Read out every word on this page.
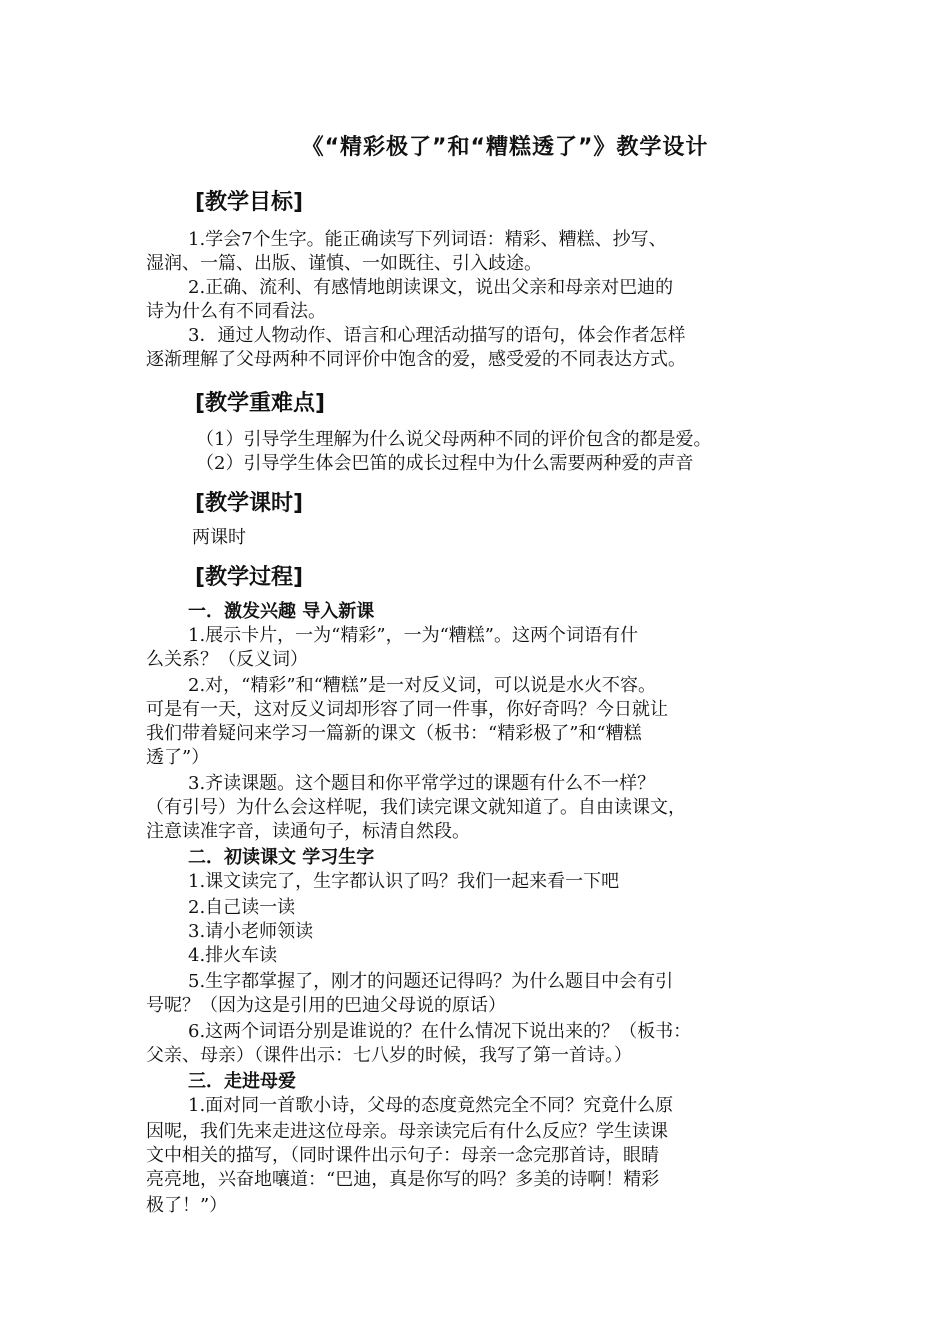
《“精彩极了”和“糟糕透了”》教学设计
[教学目标]
1.学会7个生字。能正确读写下列词语：精彩、糟糕、抄写、
湿润、一篇、出版、谨慎、一如既往、引入歧途。
2.正确、流利、有感情地朗读课文，说出父亲和母亲对巴迪的
诗为什么有不同看法。
3．通过人物动作、语言和心理活动描写的语句，体会作者怎样
逐渐理解了父母两种不同评价中饱含的爱，感受爱的不同表达方式。
[教学重难点]
（1）引导学生理解为什么说父母两种不同的评价包含的都是爱。
（2）引导学生体会巴笛的成长过程中为什么需要两种爱的声音
[教学课时]
两课时
[教学过程]
一．激发兴趣 导入新课
1.展示卡片，一为“精彩”，一为“糟糕”。这两个词语有什
么关系？（反义词）
2.对，“精彩”和“糟糕”是一对反义词，可以说是水火不容。
可是有一天，这对反义词却形容了同一件事，你好奇吗？今日就让
我们带着疑问来学习一篇新的课文（板书：“精彩极了”和“糟糕
透了”）
3.齐读课题。这个题目和你平常学过的课题有什么不一样？
（有引号）为什么会这样呢，我们读完课文就知道了。自由读课文，
注意读准字音，读通句子，标清自然段。
二．初读课文 学习生字
1.课文读完了，生字都认识了吗？我们一起来看一下吧
2.自己读一读
3.请小老师领读
4.排火车读
5.生字都掌握了，刚才的问题还记得吗？为什么题目中会有引
号呢？（因为这是引用的巴迪父母说的原话）
6.这两个词语分别是谁说的？在什么情况下说出来的？（板书：
父亲、母亲）（课件出示：七八岁的时候，我写了第一首诗。）
三．走进母爱
1.面对同一首歌小诗，父母的态度竟然完全不同？究竟什么原
因呢，我们先来走进这位母亲。母亲读完后有什么反应？学生读课
文中相关的描写，（同时课件出示句子：母亲一念完那首诗，眼睛
亮亮地，兴奋地嚷道：“巴迪，真是你写的吗？多美的诗啊！精彩
极了！”）
